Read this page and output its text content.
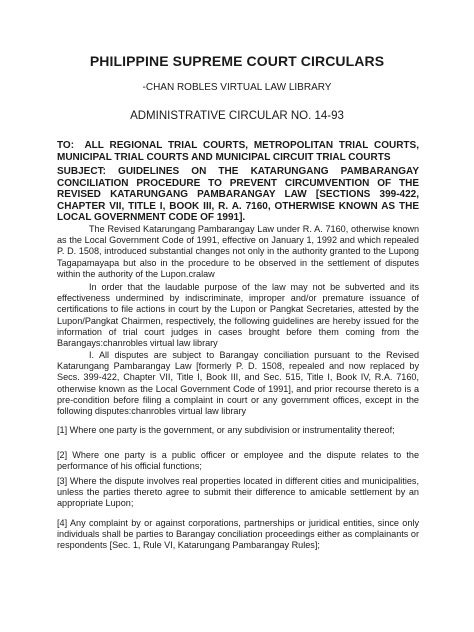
PHILIPPINE SUPREME COURT CIRCULARS
-CHAN ROBLES VIRTUAL LAW LIBRARY
ADMINISTRATIVE CIRCULAR NO. 14-93
TO: ALL REGIONAL TRIAL COURTS, METROPOLITAN TRIAL COURTS, MUNICIPAL TRIAL COURTS AND MUNICIPAL CIRCUIT TRIAL COURTS
SUBJECT: GUIDELINES ON THE KATARUNGANG PAMBARANGAY CONCILIATION PROCEDURE TO PREVENT CIRCUMVENTION OF THE REVISED KATARUNGANG PAMBARANGAY LAW [SECTIONS 399-422, CHAPTER VII, TITLE I, BOOK III, R. A. 7160, OTHERWISE KNOWN AS THE LOCAL GOVERNMENT CODE OF 1991].
The Revised Katarungang Pambarangay Law under R. A. 7160, otherwise known as the Local Government Code of 1991, effective on January 1, 1992 and which repealed P. D. 1508, introduced substantial changes not only in the authority granted to the Lupong Tagapamayapa but also in the procedure to be observed in the settlement of disputes within the authority of the Lupon.cralaw
In order that the laudable purpose of the law may not be subverted and its effectiveness undermined by indiscriminate, improper and/or premature issuance of certifications to file actions in court by the Lupon or Pangkat Secretaries, attested by the Lupon/Pangkat Chairmen, respectively, the following guidelines are hereby issued for the information of trial court judges in cases brought before them coming from the Barangays:chanrobles virtual law library
I. All disputes are subject to Barangay conciliation pursuant to the Revised Katarungang Pambarangay Law [formerly P. D. 1508, repealed and now replaced by Secs. 399-422, Chapter VII, Title I, Book III, and Sec. 515, Title I, Book IV, R.A. 7160, otherwise known as the Local Government Code of 1991], and prior recourse thereto is a pre-condition before filing a complaint in court or any government offices, except in the following disputes:chanrobles virtual law library
[1] Where one party is the government, or any subdivision or instrumentality thereof;
[2] Where one party is a public officer or employee and the dispute relates to the performance of his official functions;
[3] Where the dispute involves real properties located in different cities and municipalities, unless the parties thereto agree to submit their difference to amicable settlement by an appropriate Lupon;
[4] Any complaint by or against corporations, partnerships or juridical entities, since only individuals shall be parties to Barangay conciliation proceedings either as complainants or respondents [Sec. 1, Rule VI, Katarungang Pambarangay Rules];
